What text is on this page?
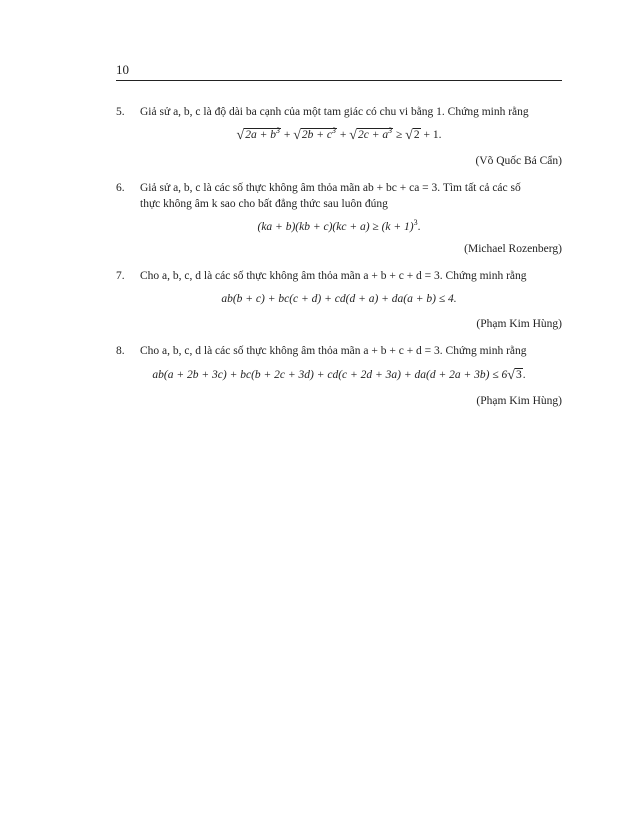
10
5. Giả sử a, b, c là độ dài ba cạnh của một tam giác có chu vi bằng 1. Chứng minh rằng
$√2a + b^3 + √2b + c^3 + √2c + a^3 \ge √2 + 1$.
(Võ Quốc Bá Cẩn)
6. Giả sử a, b, c là các số thực không âm thỏa mãn ab + bc + ca = 3. Tìm tất cả các số
thực không âm k sao cho bất đẳng thức sau luôn đúng
$(ka + b)(kb + c)(kc + a) \ge (k + 1)^3$.
(Michael Rozenberg)
7. Cho a, b, c, d là các số thực không âm thỏa mãn a + b + c + d = 3. Chứng minh rằng
ab(b + c) + bc(c + d) + cd(d + a) + da(a + b) ≤ 4.
(Phạm Kim Hùng)
8. Cho a, b, c, d là các số thực không âm thỏa mãn a + b + c + d = 3. Chứng minh rằng
ab(a + 2b + 3c) + bc(b + 2c + 3d) + cd(c + 2d + 3a) + da(d + 2a + 3b) ≤ 6√3.
(Phạm Kim Hùng)
